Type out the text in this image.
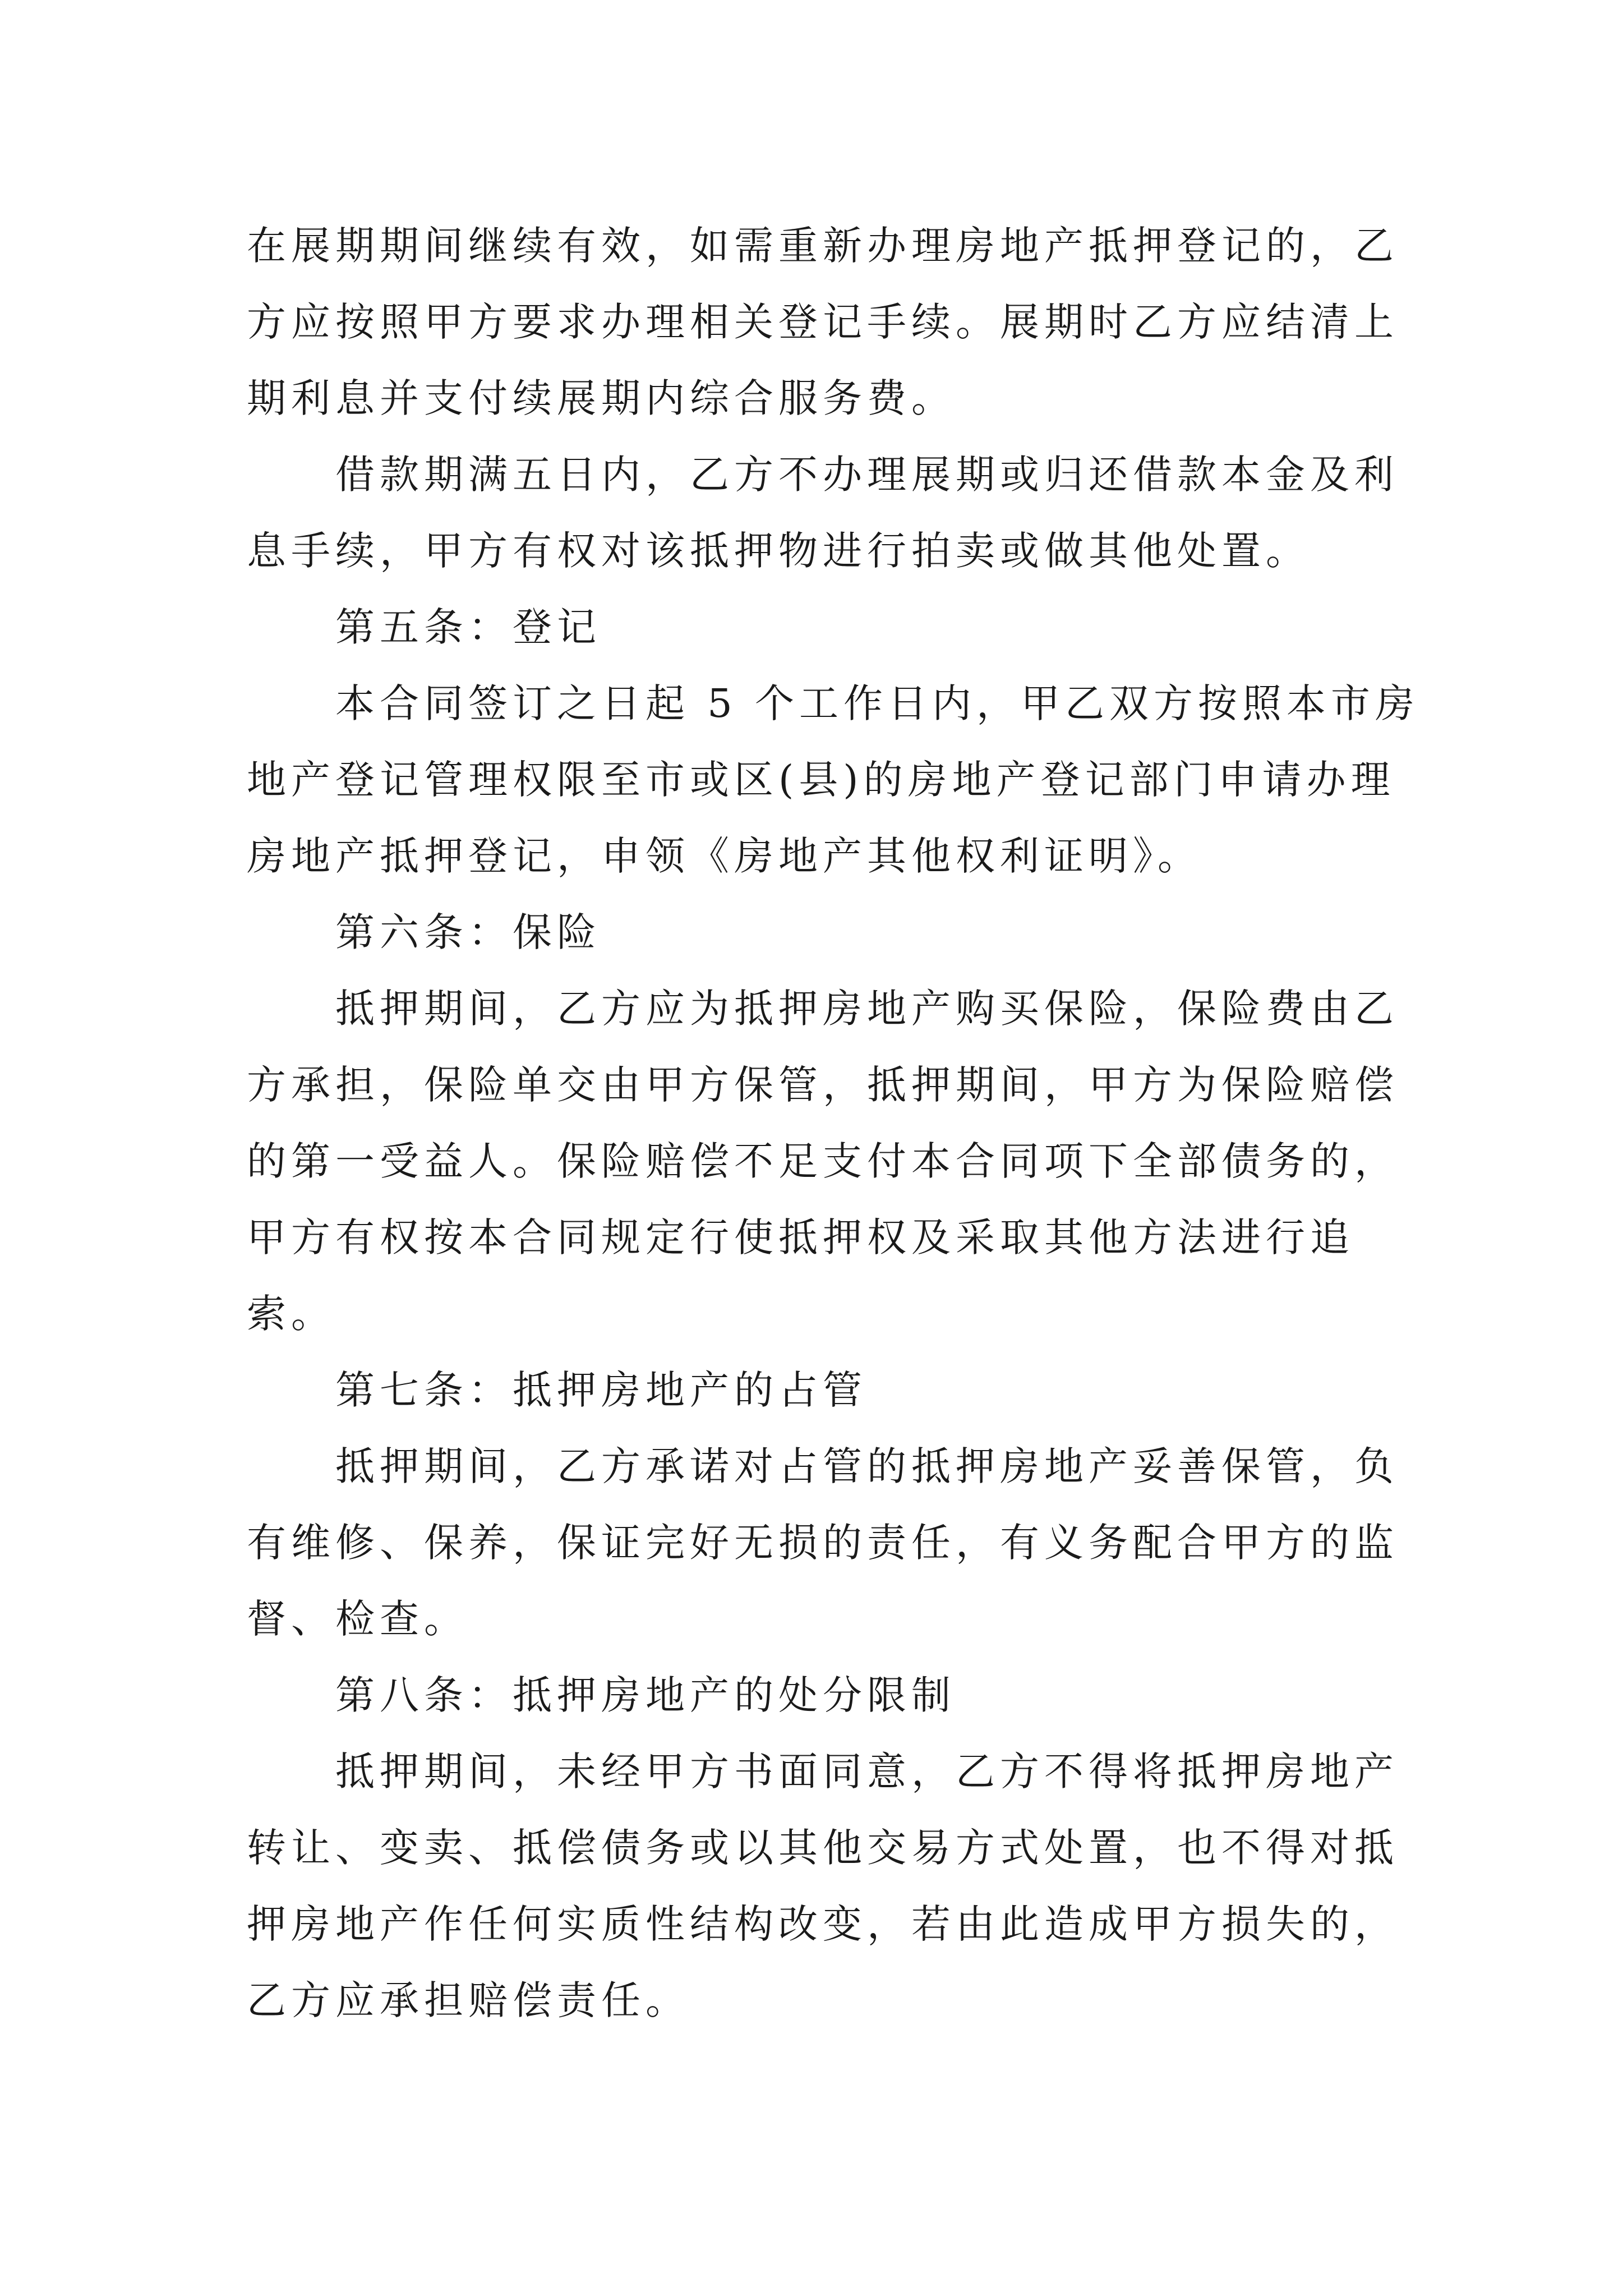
在展期期间继续有效，如需重新办理房地产抵押登记的，乙
方应按照甲方要求办理相关登记手续。展期时乙方应结清上
期利息并支付续展期内综合服务费。
借款期满五日内，乙方不办理展期或归还借款本金及利
息手续，甲方有权对该抵押物进行拍卖或做其他处置。
第五条：登记
本合同签订之日起 5 个工作日内，甲乙双方按照本市房
地产登记管理权限至市或区(县)的房地产登记部门申请办理
房地产抵押登记，申领《房地产其他权利证明》。
第六条：保险
抵押期间，乙方应为抵押房地产购买保险，保险费由乙
方承担，保险单交由甲方保管，抵押期间，甲方为保险赔偿
的第一受益人。保险赔偿不足支付本合同项下全部债务的，
甲方有权按本合同规定行使抵押权及采取其他方法进行追
索。
第七条：抵押房地产的占管
抵押期间，乙方承诺对占管的抵押房地产妥善保管，负
有维修、保养，保证完好无损的责任，有义务配合甲方的监
督、检查。
第八条：抵押房地产的处分限制
抵押期间，未经甲方书面同意，乙方不得将抵押房地产
转让、变卖、抵偿债务或以其他交易方式处置，也不得对抵
押房地产作任何实质性结构改变，若由此造成甲方损失的，
乙方应承担赔偿责任。
